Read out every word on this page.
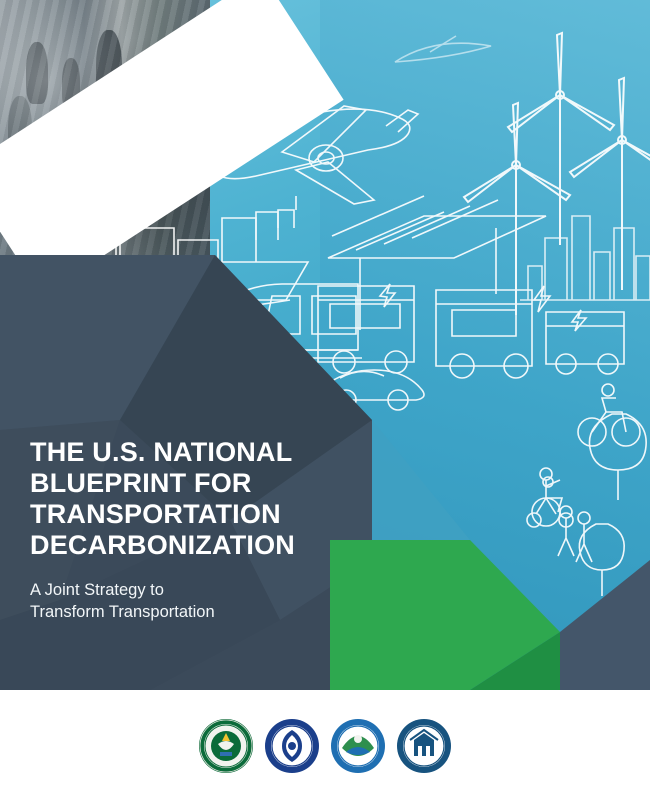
THE U.S. NATIONAL
BLUEPRINT FOR
TRANSPORTATION
DECARBONIZATION

A Joint Strategy to
Transform Transportation
